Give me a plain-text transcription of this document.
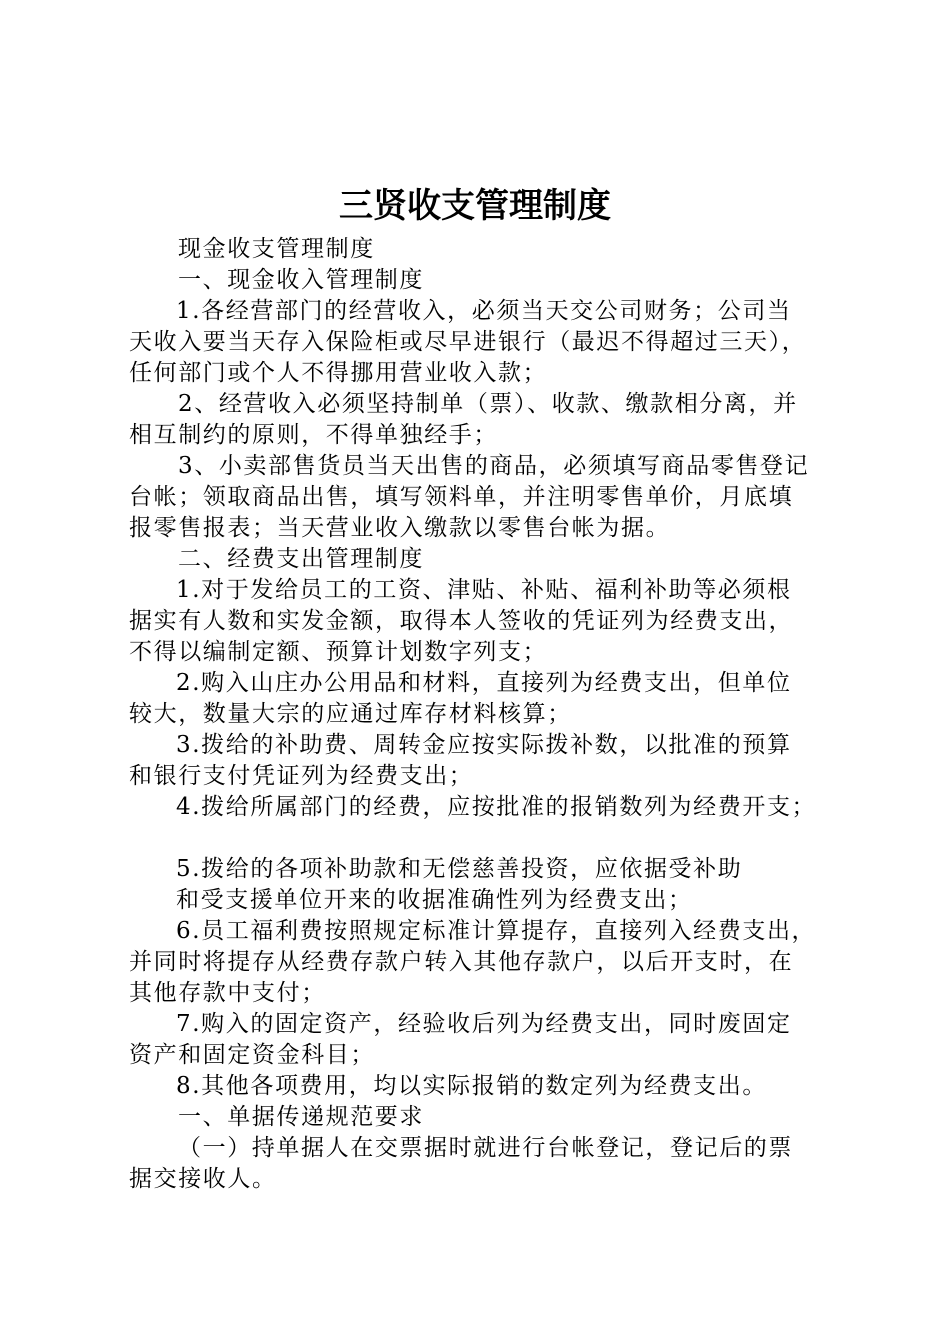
三贤收支管理制度
现金收支管理制度
一、现金收入管理制度
1.各经营部门的经营收入，必须当天交公司财务；公司当
天收入要当天存入保险柜或尽早进银行（最迟不得超过三天），
任何部门或个人不得挪用营业收入款；
2、经营收入必须坚持制单（票）、收款、缴款相分离，并
相互制约的原则，不得单独经手；
3、小卖部售货员当天出售的商品，必须填写商品零售登记
台帐；领取商品出售，填写领料单，并注明零售单价，月底填
报零售报表；当天营业收入缴款以零售台帐为据。
二、经费支出管理制度
1.对于发给员工的工资、津贴、补贴、福利补助等必须根
据实有人数和实发金额，取得本人签收的凭证列为经费支出，
不得以编制定额、预算计划数字列支；
2.购入山庄办公用品和材料，直接列为经费支出，但单位
较大，数量大宗的应通过库存材料核算；
3.拨给的补助费、周转金应按实际拨补数，以批准的预算
和银行支付凭证列为经费支出；
4.拨给所属部门的经费，应按批准的报销数列为经费开支；
5.拨给的各项补助款和无偿慈善投资，应依据受补助
和受支援单位开来的收据准确性列为经费支出；
6.员工福利费按照规定标准计算提存，直接列入经费支出，
并同时将提存从经费存款户转入其他存款户，以后开支时，在
其他存款中支付；
7.购入的固定资产，经验收后列为经费支出，同时废固定
资产和固定资金科目；
8.其他各项费用，均以实际报销的数定列为经费支出。
一、单据传递规范要求
（一）持单据人在交票据时就进行台帐登记，登记后的票
据交接收人。
